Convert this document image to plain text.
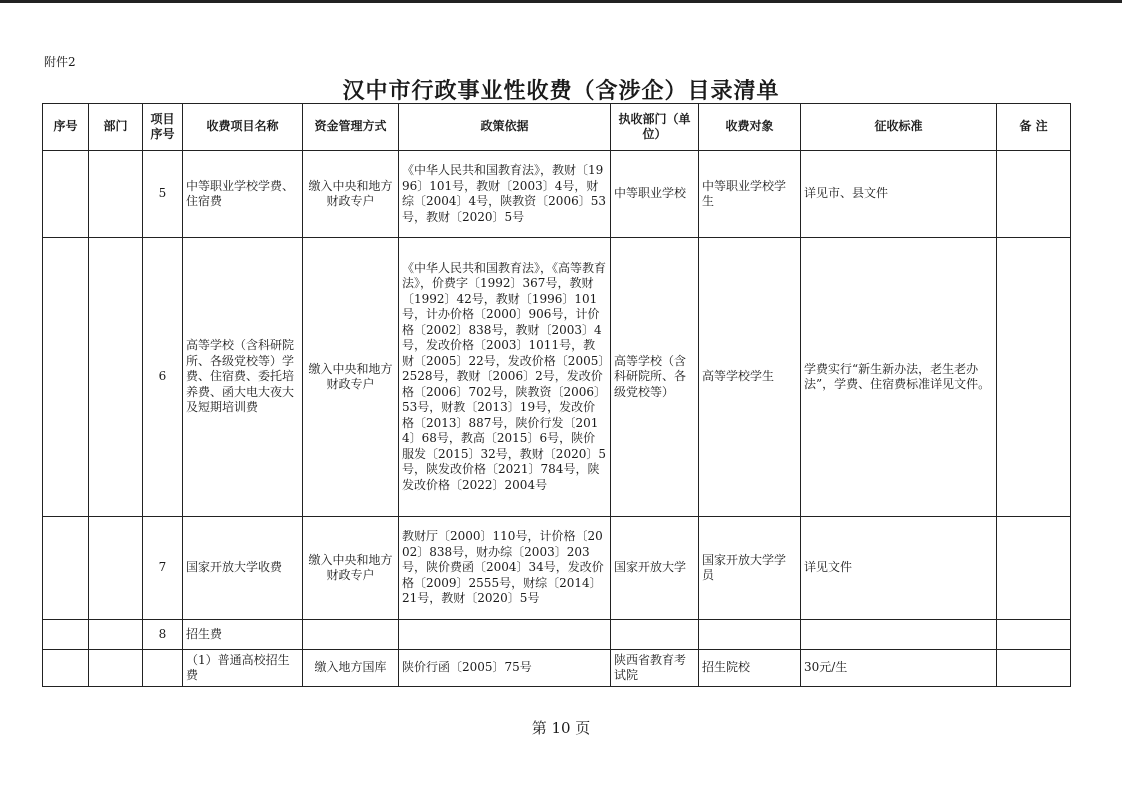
附件2
汉中市行政事业性收费（含涉企）目录清单
序号	部门	项目序号	收费项目名称	资金管理方式	政策依据	执收部门（单位）	收费对象	征收标准	备 注
		5	中等职业学校学费、住宿费	缴入中央和地方财政专户	《中华人民共和国教育法》，教财〔1996〕101号，教财〔2003〕4号，财综〔2004〕4号，陕教资〔2006〕53号，教财〔2020〕5号	中等职业学校	中等职业学校学生	详见市、县文件	
		6	高等学校（含科研院所、各级党校等）学费、住宿费、委托培养费、函大电大夜大及短期培训费	缴入中央和地方财政专户	《中华人民共和国教育法》，《高等教育法》，价费字〔1992〕367号，教财〔1992〕42号，教财〔1996〕101号，计办价格〔2000〕906号，计价格〔2002〕838号，教财〔2003〕4号，发改价格〔2003〕1011号，教财〔2005〕22号，发改价格〔2005〕2528号，教财〔2006〕2号，发改价格〔2006〕702号，陕教资〔2006〕53号，财教〔2013〕19号，发改价格〔2013〕887号，陕价行发〔2014〕68号，教高〔2015〕6号，陕价服发〔2015〕32号，教财〔2020〕5号，陕发改价格〔2021〕784号，陕发改价格〔2022〕2004号	高等学校（含科研院所、各级党校等）	高等学校学生	学费实行“新生新办法，老生老办法”，学费、住宿费标准详见文件。	
		7	国家开放大学收费	缴入中央和地方财政专户	教财厅〔2000〕110号，计价格〔2002〕838号，财办综〔2003〕203号，陕价费函〔2004〕34号，发改价格〔2009〕2555号，财综〔2014〕21号，教财〔2020〕5号	国家开放大学	国家开放大学学员	详见文件	
		8	招生费						
			（1）普通高校招生费	缴入地方国库	陕价行函〔2005〕75号	陕西省教育考试院	招生院校	30元/生	
第 10 页
